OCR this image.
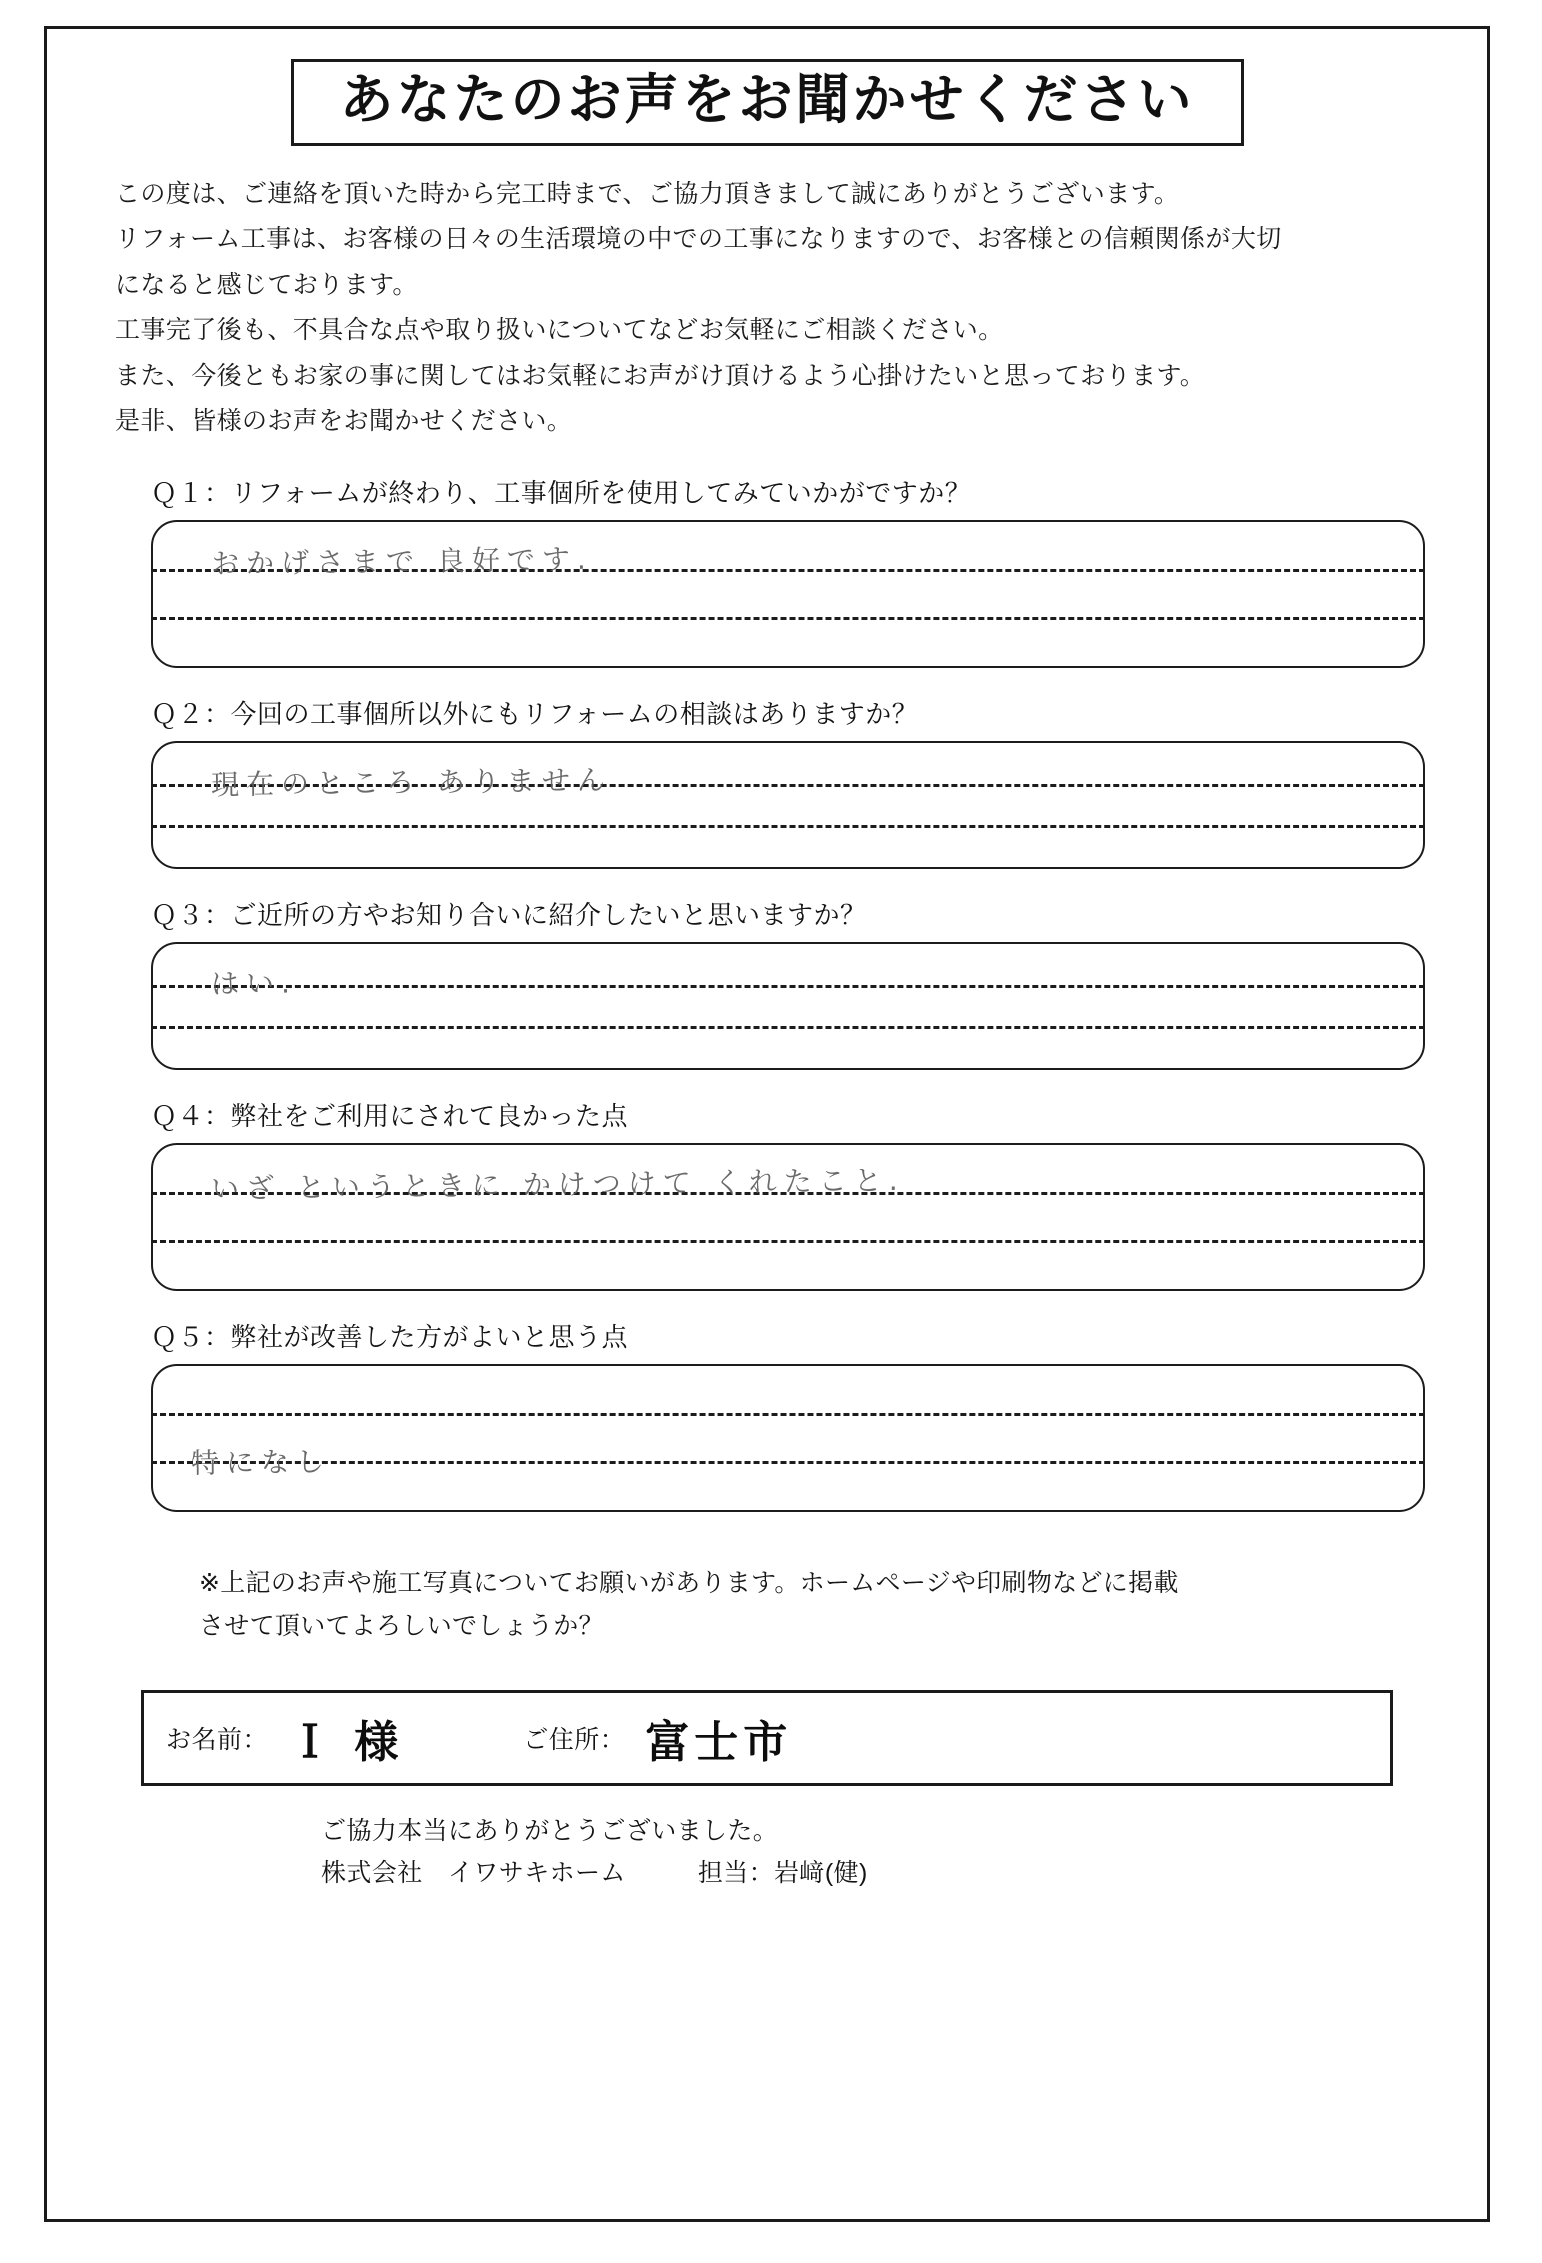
あなたのお声をお聞かせください
この度は、ご連絡を頂いた時から完工時まで、ご協力頂きまして誠にありがとうございます。
リフォーム工事は、お客様の日々の生活環境の中での工事になりますので、お客様との信頼関係が大切
になると感じております。
工事完了後も、不具合な点や取り扱いについてなどお気軽にご相談ください。
また、今後ともお家の事に関してはお気軽にお声がけ頂けるよう心掛けたいと思っております。
是非、皆様のお声をお聞かせください。
Ｑ１：リフォームが終わり、工事個所を使用してみていかがですか？
おかげさまで 良好です.
Ｑ２：今回の工事個所以外にもリフォームの相談はありますか？
現在のところ ありません
Ｑ３：ご近所の方やお知り合いに紹介したいと思いますか？
はい.
Ｑ４：弊社をご利用にされて良かった点
いざ というときに かけつけて くれたこと.
Ｑ５：弊社が改善した方がよいと思う点
特になし
※上記のお声や施工写真についてお願いがあります。ホームページや印刷物などに掲載
させて頂いてよろしいでしょうか？
お名前： Ｉ 様	ご住所： 富士市
ご協力本当にありがとうございました。
株式会社　イワサキホーム	担当：岩﨑(健)
